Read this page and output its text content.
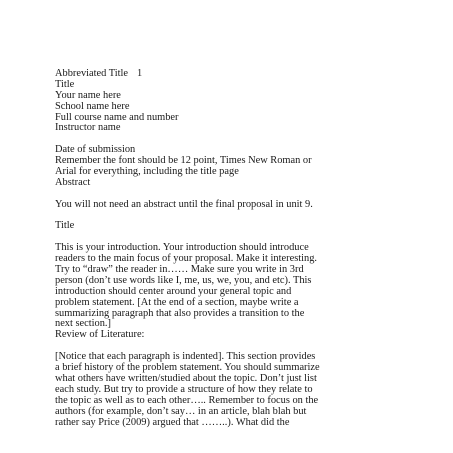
Abbreviated Title 1
Title
Your name here
School name here
Full course name and number
Instructor name
Date of submission
Remember the font should be 12 point, Times New Roman or
Arial for everything, including the title page
Abstract
You will not need an abstract until the final proposal in unit 9.
Title
This is your introduction. Your introduction should introduce
readers to the main focus of your proposal. Make it interesting.
Try to “draw” the reader in…… Make sure you write in 3rd
person (don’t use words like I, me, us, we, you, and etc). This
introduction should center around your general topic and
problem statement. [At the end of a section, maybe write a
summarizing paragraph that also provides a transition to the
next section.]
Review of Literature:
[Notice that each paragraph is indented]. This section provides
a brief history of the problem statement. You should summarize
what others have written/studied about the topic. Don’t just list
each study. But try to provide a structure of how they relate to
the topic as well as to each other….. Remember to focus on the
authors (for example, don’t say… in an article, blah blah but
rather say Price (2009) argued that ……..). What did the
